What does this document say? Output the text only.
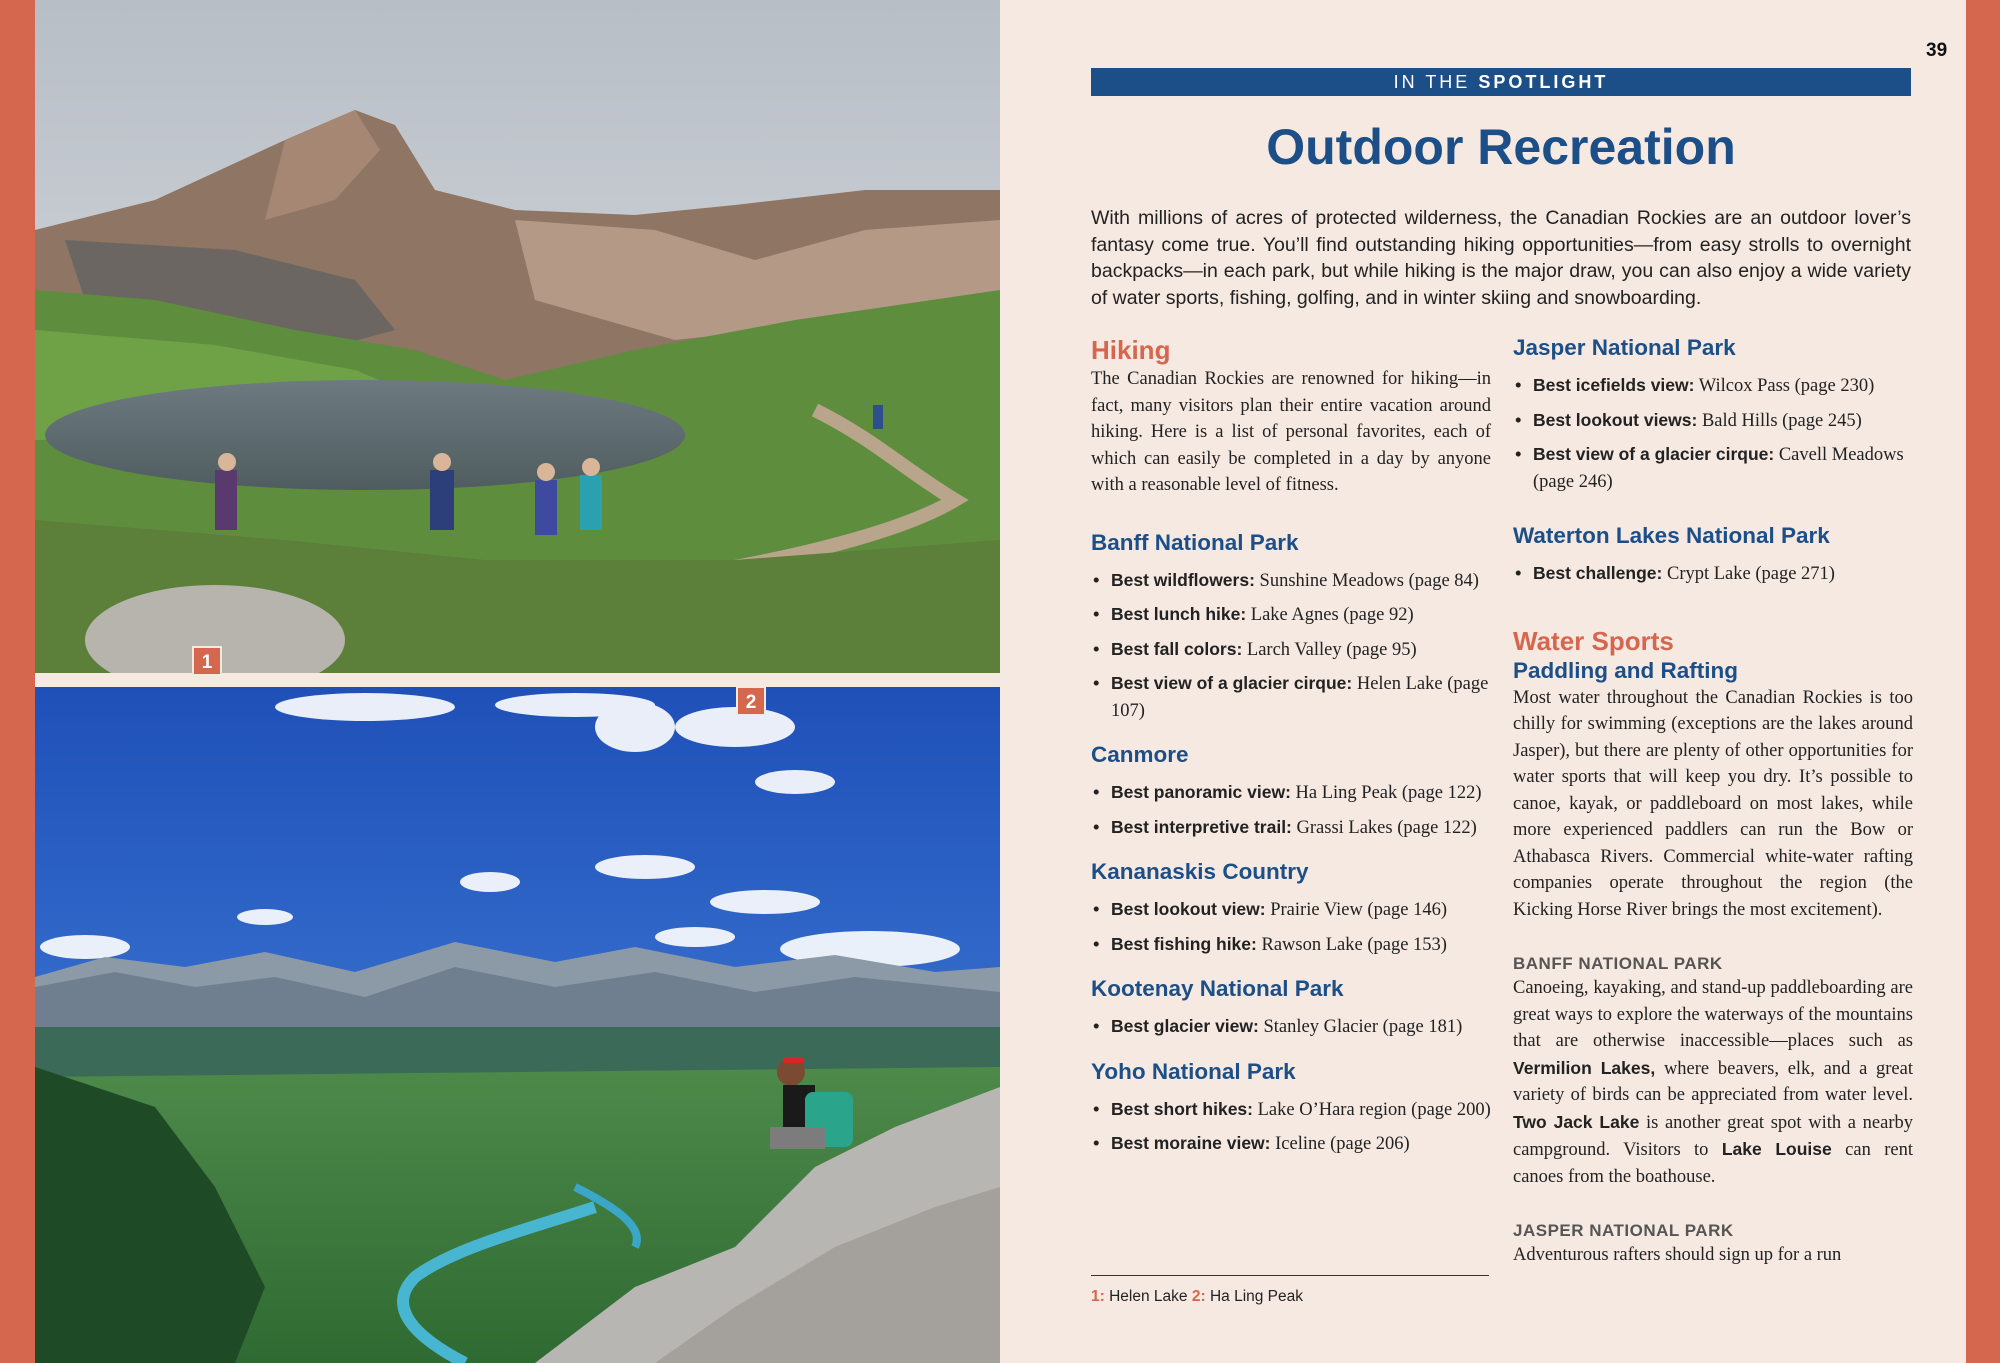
1
2
39
IN THE SPOTLIGHT
Outdoor Recreation

With millions of acres of protected wilderness, the Canadian Rockies are an outdoor lover’s fantasy come true. You’ll find outstanding hiking opportunities—from easy strolls to overnight backpacks—in each park, but while hiking is the major draw, you can also enjoy a wide variety of water sports, fishing, golfing, and in winter skiing and snowboarding.

Hiking

The Canadian Rockies are renowned for hiking—in fact, many visitors plan their entire vacation around hiking. Here is a list of personal favorites, each of which can easily be completed in a day by anyone with a reasonable level of fitness.

Banff National Park
• Best wildflowers: Sunshine Meadows (page 84)
• Best lunch hike: Lake Agnes (page 92)
• Best fall colors: Larch Valley (page 95)
• Best view of a glacier cirque: Helen Lake (page 107)
Canmore
• Best panoramic view: Ha Ling Peak (page 122)
• Best interpretive trail: Grassi Lakes (page 122)
Kananaskis Country
• Best lookout view: Prairie View (page 146)
• Best fishing hike: Rawson Lake (page 153)
Kootenay National Park
• Best glacier view: Stanley Glacier (page 181)
Yoho National Park
• Best short hikes: Lake O’Hara region (page 200)
• Best moraine view: Iceline (page 206)
Jasper National Park
• Best icefields view: Wilcox Pass (page 230)
• Best lookout views: Bald Hills (page 245)
• Best view of a glacier cirque: Cavell Meadows (page 246)
Waterton Lakes National Park
• Best challenge: Crypt Lake (page 271)
Water Sports
Paddling and Rafting

Most water throughout the Canadian Rockies is too chilly for swimming (exceptions are the lakes around Jasper), but there are plenty of other opportunities for water sports that will keep you dry. It’s possible to canoe, kayak, or paddleboard on most lakes, while more experienced paddlers can run the Bow or Athabasca Rivers. Commercial white-water rafting companies operate throughout the region (the Kicking Horse River brings the most excitement).

BANFF NATIONAL PARK

Canoeing, kayaking, and stand-up paddleboarding are great ways to explore the waterways of the mountains that are otherwise inaccessible—places such as Vermilion Lakes, where beavers, elk, and a great variety of birds can be appreciated from water level. Two Jack Lake is another great spot with a nearby campground. Visitors to Lake Louise can rent canoes from the boathouse.

JASPER NATIONAL PARK

Adventurous rafters should sign up for a run

1: Helen Lake 2: Ha Ling Peak
